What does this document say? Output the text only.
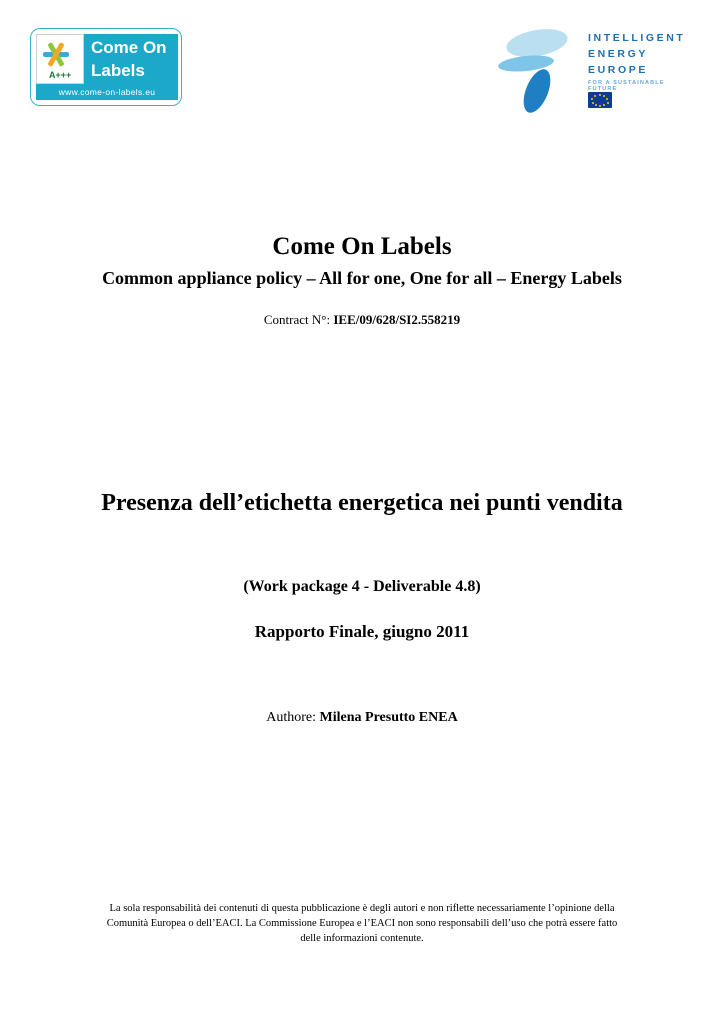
A+++
Come On
Labels
www.come-on-labels.eu
INTELLIGENT
ENERGY
EUROPE
FOR A SUSTAINABLE FUTURE
Come On Labels
Common appliance policy – All for one, One for all – Energy Labels
Contract N°: IEE/09/628/SI2.558219
Presenza dell’etichetta energetica nei punti vendita
(Work package 4 - Deliverable 4.8)
Rapporto Finale, giugno 2011
Authore: Milena Presutto ENEA
La sola responsabilità dei contenuti di questa pubblicazione è degli autori e non riflette necessariamente l’opinione della Comunità Europea o dell’EACI. La Commissione Europea e l’EACI non sono responsabili dell’uso che potrà essere fatto delle informazioni contenute.
